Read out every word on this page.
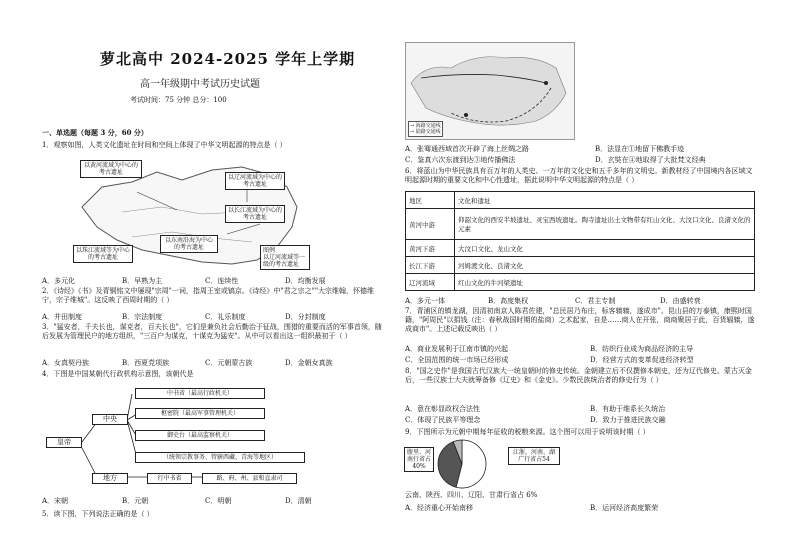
萝北高中 2024-2025 学年上学期
高一年级期中考试历史试题
考试时间：75 分钟 总分：100
一、单选题（每题 3 分，60 分）
1．观察如图，人类文化遗址在时间和空间上体现了中华文明起源的特点是（ ）
以黄河流域为中心的考古遗址
以辽河流域为中心的考古遗址
以长江流域为中心的考古遗址
以珠江流域等为中心的考古遗址
以东南沿海为中心的考古遗址	图例
以辽河流域等一级的考古遗址
A．多元化	B．早熟为主	C．连续性	D．均衡发展
2．《诗经》《书》及青铜铭文中屡现"宗周"一词，指周王室或镐京。《诗经》中"君之宗之""大宗维翰，怀德维宁，宗子维城"。这反映了西周时期的（ ）
A．井田制度	B．宗法制度	C．礼乐制度	D．分封制度
3．"猛安者，千夫长也，谋克者，百夫长也"，它们是兼负社会后勤治于征战，围猎的重要而活的军事首领，随后发展为管理民户的地方组织，"三百户为谋克，十谋克为猛安"。从中可以看出这一组织最初于（ ）
A．女真契丹族	B．西夏党项族	C．元朝蒙古族	D．金朝女真族
4．下图是中国某朝代行政机构示意图，该朝代是
皇帝
中央
中书省（最高行政机关）
枢密院（最高军事管理机关）
御史台（最高监察机关）
（统领宗教事务、管辖西藏、青海等地区）
地方	行中书省	路、府、州、县和直隶司
A．宋朝	B．元朝	C．明朝	D．清朝
5．读下图，下列说法正确的是（ ）
→ 海路交通线
→ 陆路交通线
A．张骞通西域首次开辟了海上丝绸之路	B．法显在①地留下佛教手迹
C．鉴真六次东渡到达③地传播佛法	D．玄奘在④地取得了大批梵文经典
6．将蓝山为中华民族具有百万年的人类史、一万年的文化史和五千多年的文明史。新教材经了中国境内各区域文明起源时期的重要文化和中心性遗址，据此说明中华文明起源的特点是（ ）
地区	文化和遗址
黄河中游	仰韶文化的西安半坡遗址、灵宝西坡遗址。陶寺遗址出土文物带有红山文化、大汶口文化、良渚文化的元素
黄河下游	大汶口文化、龙山文化
长江下游	河姆渡文化、良渚文化
辽河流域	红山文化的牛河梁遗址
A．多元一体	B．高度集权	C．君主专制	D．由盛转衰
7．青浦区的镇龙湖，因清初南京人陈君佐建，"总民居乃布庄，标客辏辏，遂成市"。昆山县的万泰镇，康熙时国籍，"阿周民"以捐钱（注：春秋战国时期的盐商）之术起家，自是……商人在开张，商商聚居于此，百货辐辏，遂成商市"。上述记载反映出（ ）
A．商业发展利于江南市镇的兴起	B．纺织行业成为商品经济的主导
C．全国范围的统一市场已经形成	D．经营方式的变革促进经济转型
8．"国之史作"是我国古代汉族大一统皇朝时的修史传统。金朝建立后不仅撰修本朝史，还为辽代修史。蒙古灭金后，一些汉族士大夫就筹备修《辽史》和《金史》。少数民族统治者的修史行为（ ）
A．意在彰显政权合法性	B．有助于维系长久统治
C．体现了民族平等理念	D．致力于推进民族交融
9．下图所示为元朝中期每年征收的税粮来源。这个图可以用于说明该时期（ ）
腹里、河南行省占40%
江浙、河南、湖广行省占54
云南、陕西、四川、辽阳、甘肃行省占 6%
A．经济重心开始南移	B．运河经济高度繁荣
